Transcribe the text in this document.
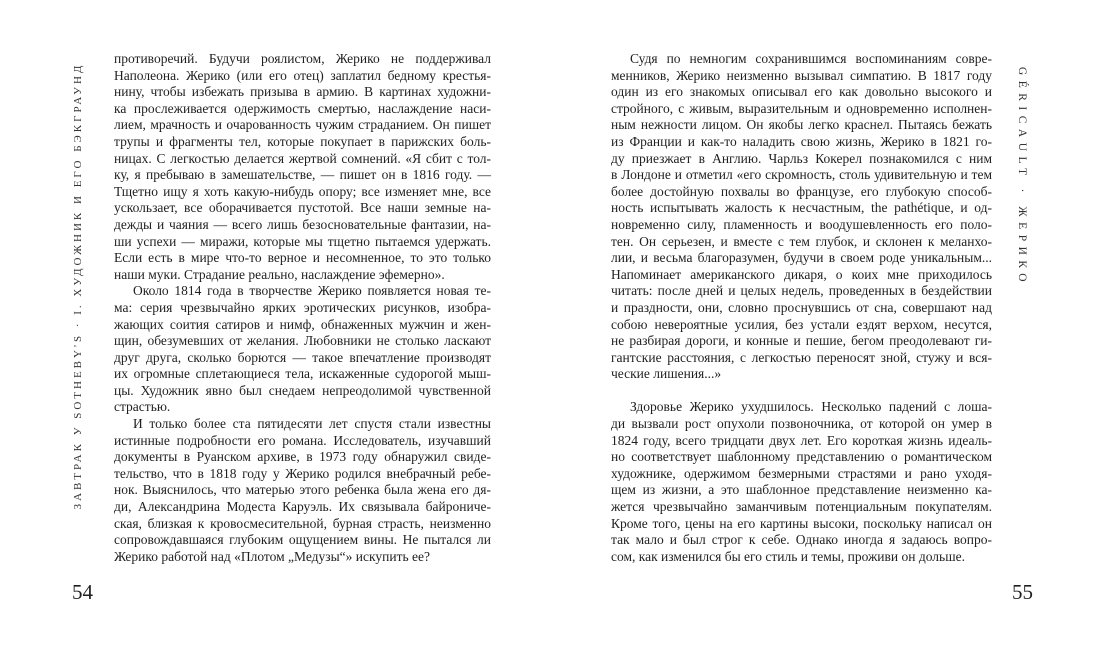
ЗАВТРАК У SOTHEBY'S · I. ХУДОЖНИК И ЕГО БЭКГРАУНД	GÉRICAULT · ЖЕРИКО
противоречий. Будучи роялистом, Жерико не поддерживал
Наполеона. Жерико (или его отец) заплатил бедному крестья-
нину, чтобы избежать призыва в армию. В картинах художни-
ка прослеживается одержимость смертью, наслаждение наси-
лием, мрачность и очарованность чужим страданием. Он пишет
трупы и фрагменты тел, которые покупает в парижских боль-
ницах. С легкостью делается жертвой сомнений. «Я сбит с тол-
ку, я пребываю в замешательстве, — пишет он в 1816 году. —
Тщетно ищу я хоть какую-нибудь опору; все изменяет мне, все
ускользает, все оборачивается пустотой. Все наши земные на-
дежды и чаяния — всего лишь безосновательные фантазии, на-
ши успехи — миражи, которые мы тщетно пытаемся удержать.
Если есть в мире что-то верное и несомненное, то это только
наши муки. Страдание реально, наслаждение эфемерно».
Около 1814 года в творчестве Жерико появляется новая те-
ма: серия чрезвычайно ярких эротических рисунков, изобра-
жающих соития сатиров и нимф, обнаженных мужчин и жен-
щин, обезумевших от желания. Любовники не столько ласкают
друг друга, сколько борются — такое впечатление производят
их огромные сплетающиеся тела, искаженные судорогой мыш-
цы. Художник явно был снедаем непреодолимой чувственной
страстью.
И только более ста пятидесяти лет спустя стали известны
истинные подробности его романа. Исследователь, изучавший
документы в Руанском архиве, в 1973 году обнаружил свиде-
тельство, что в 1818 году у Жерико родился внебрачный ребе-
нок. Выяснилось, что матерью этого ребенка была жена его дя-
ди, Александрина Модеста Каруэль. Их связывала байрониче-
ская, близкая к кровосмесительной, бурная страсть, неизменно
сопровождавшаяся глубоким ощущением вины. Не пытался ли
Жерико работой над «Плотом „Медузы“» искупить ее?
Судя по немногим сохранившимся воспоминаниям совре-
менников, Жерико неизменно вызывал симпатию. В 1817 году
один из его знакомых описывал его как довольно высокого и
стройного, с живым, выразительным и одновременно исполнен-
ным нежности лицом. Он якобы легко краснел. Пытаясь бежать
из Франции и как-то наладить свою жизнь, Жерико в 1821 го-
ду приезжает в Англию. Чарльз Кокерел познакомился с ним
в Лондоне и отметил «его скромность, столь удивительную и тем
более достойную похвалы во французе, его глубокую способ-
ность испытывать жалость к несчастным, the pathétique, и од-
новременно силу, пламенность и воодушевленность его поло-
тен. Он серьезен, и вместе с тем глубок, и склонен к меланхо-
лии, и весьма благоразумен, будучи в своем роде уникальным...
Напоминает американского дикаря, о коих мне приходилось
читать: после дней и целых недель, проведенных в бездействии
и праздности, они, словно проснувшись от сна, совершают над
собою невероятные усилия, без устали ездят верхом, несутся,
не разбирая дороги, и конные и пешие, бегом преодолевают ги-
гантские расстояния, с легкостью переносят зной, стужу и вся-
ческие лишения...»
Здоровье Жерико ухудшилось. Несколько падений с лоша-
ди вызвали рост опухоли позвоночника, от которой он умер в
1824 году, всего тридцати двух лет. Его короткая жизнь идеаль-
но соответствует шаблонному представлению о романтическом
художнике, одержимом безмерными страстями и рано уходя-
щем из жизни, а это шаблонное представление неизменно ка-
жется чрезвычайно заманчивым потенциальным покупателям.
Кроме того, цены на его картины высоки, поскольку написал он
так мало и был строг к себе. Однако иногда я задаюсь вопро-
сом, как изменился бы его стиль и темы, проживи он дольше.
54	55
